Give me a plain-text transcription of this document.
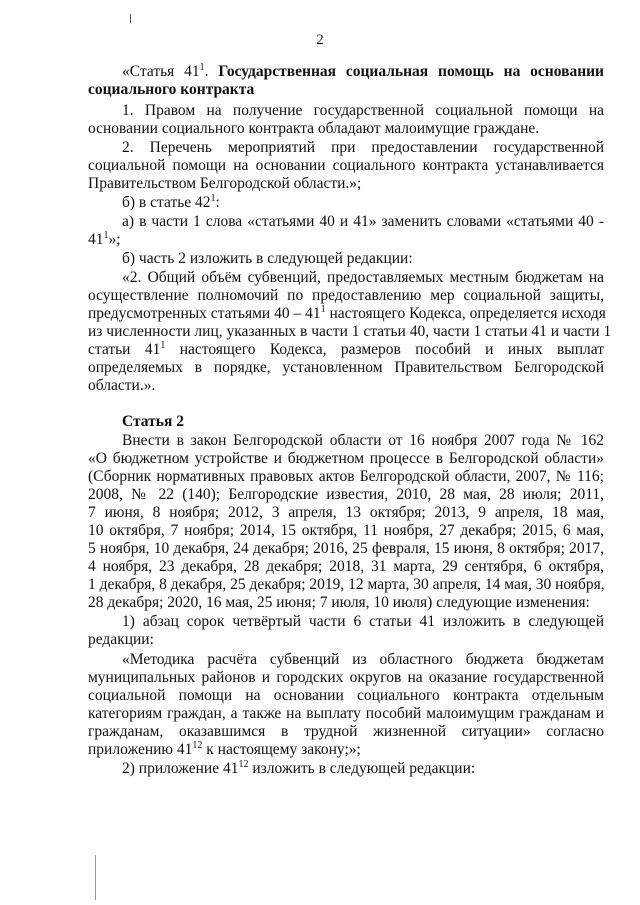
2
«Статья $41^1$. Государственная социальная помощь на основании
социального контракта
1. Правом на получение государственной социальной помощи на
основании социального контракта обладают малоимущие граждане.
2. Перечень мероприятий при предоставлении государственной
социальной помощи на основании социального контракта устанавливается
Правительством Белгородской области.»;
б) в статье $42^1$:
а) в части 1 слова «статьями 40 и 41» заменить словами «статьями 40 -
$41^1$»;
б) часть 2 изложить в следующей редакции:
«2. Общий объём субвенций, предоставляемых местным бюджетам на
осуществление полномочий по предоставлению мер социальной защиты,
предусмотренных статьями $40 - 41^1$ настоящего Кодекса, определяется исходя
из численности лиц, указанных в части 1 статьи 40, части 1 статьи 41 и части 1
статьи $41^1$ настоящего Кодекса, размеров пособий и иных выплат
определяемых в порядке, установленном Правительством Белгородской
области.».
Статья 2
Внести в закон Белгородской области от 16 ноября 2007 года № 162
«О бюджетном устройстве и бюджетном процессе в Белгородской области»
(Сборник нормативных правовых актов Белгородской области, 2007, № 116;
2008, № 22 (140); Белгородские известия, 2010, 28 мая, 28 июля; 2011,
7 июня, 8 ноября; 2012, 3 апреля, 13 октября; 2013, 9 апреля, 18 мая,
10 октября, 7 ноября; 2014, 15 октября, 11 ноября, 27 декабря; 2015, 6 мая,
5 ноября, 10 декабря, 24 декабря; 2016, 25 февраля, 15 июня, 8 октября; 2017,
4 ноября, 23 декабря, 28 декабря; 2018, 31 марта, 29 сентября, 6 октября,
1 декабря, 8 декабря, 25 декабря; 2019, 12 марта, 30 апреля, 14 мая, 30 ноября,
28 декабря; 2020, 16 мая, 25 июня; 7 июля, 10 июля) следующие изменения:
1) абзац сорок четвёртый части 6 статьи 41 изложить в следующей
редакции:
«Методика расчёта субвенций из областного бюджета бюджетам
муниципальных районов и городских округов на оказание государственной
социальной помощи на основании социального контракта отдельным
категориям граждан, а также на выплату пособий малоимущим гражданам и
гражданам, оказавшимся в трудной жизненной ситуации» согласно
приложению $41^{12}$ к настоящему закону;»;
2) приложение $41^{12}$ изложить в следующей редакции:
